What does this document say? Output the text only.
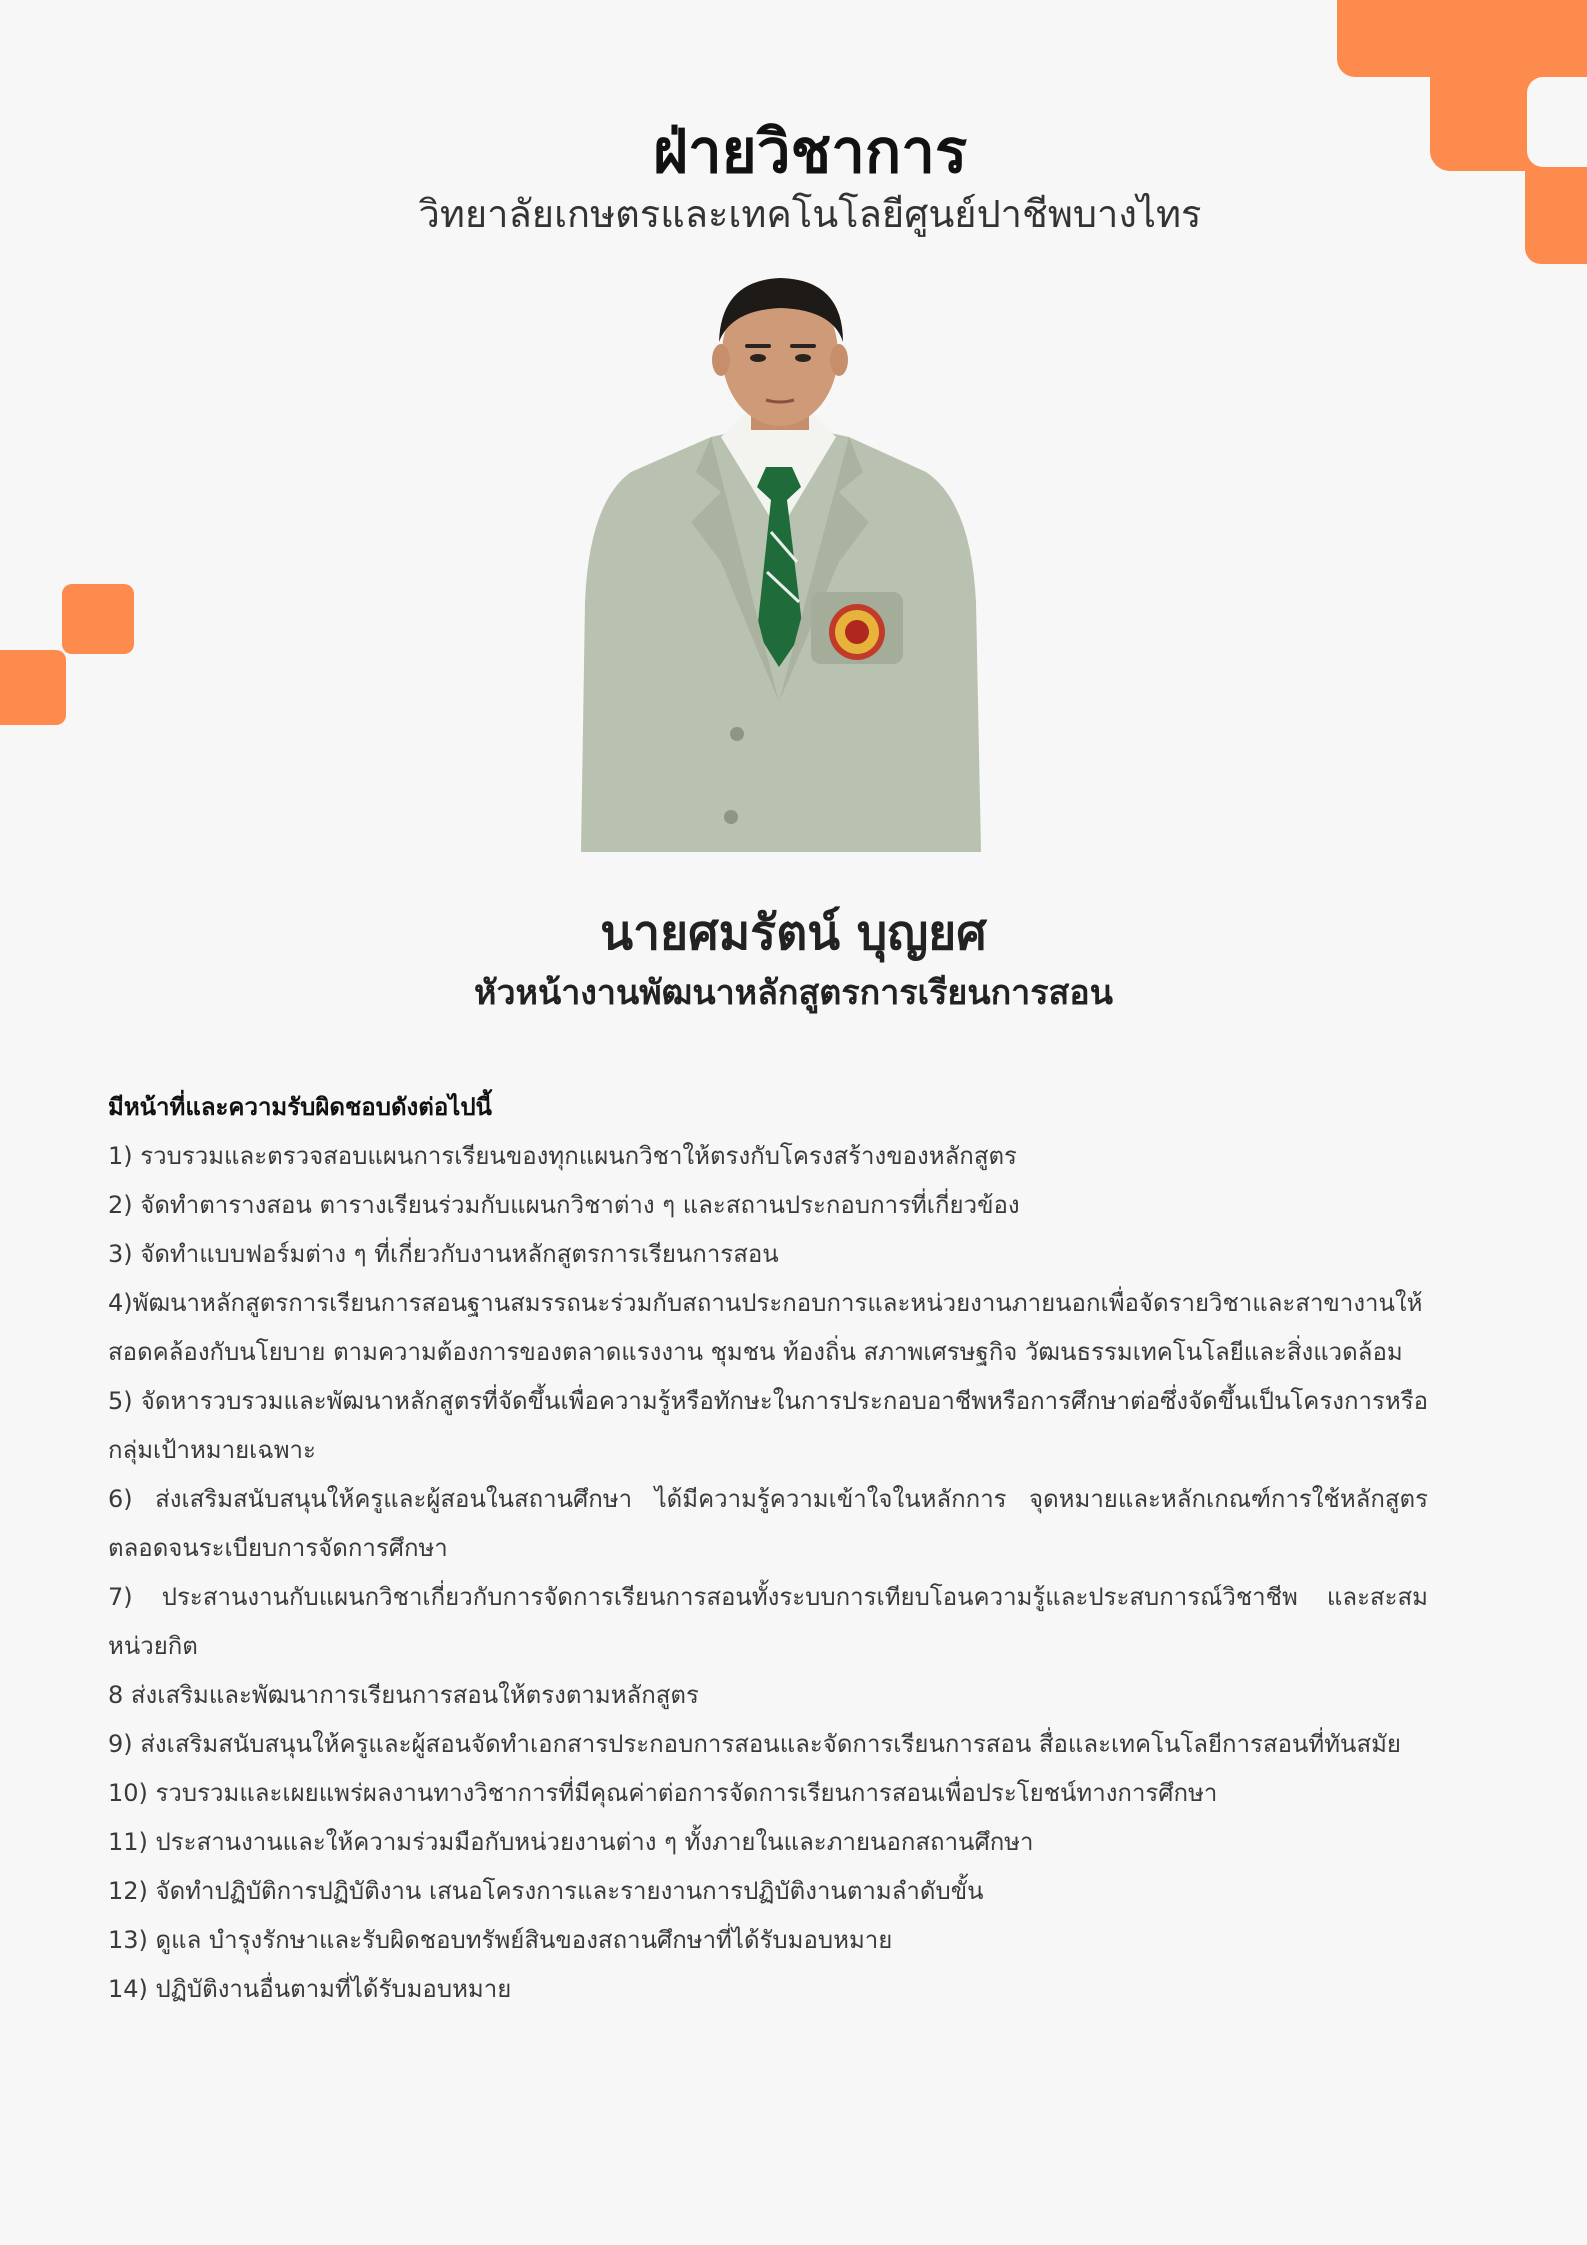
ฝ่ายวิชาการ
วิทยาลัยเกษตรและเทคโนโลยีศูนย์ปาชีพบางไทร
นายศมรัตน์ บุญยศ
หัวหน้างานพัฒนาหลักสูตรการเรียนการสอน
มีหน้าที่และความรับผิดชอบดังต่อไปนี้
1) รวบรวมและตรวจสอบแผนการเรียนของทุกแผนกวิชาให้ตรงกับโครงสร้างของหลักสูตร
2) จัดทำตารางสอน ตารางเรียนร่วมกับแผนกวิชาต่าง ๆ และสถานประกอบการที่เกี่ยวข้อง
3) จัดทำแบบฟอร์มต่าง ๆ ที่เกี่ยวกับงานหลักสูตรการเรียนการสอน
4)พัฒนาหลักสูตรการเรียนการสอนฐานสมรรถนะร่วมกับสถานประกอบการและหน่วยงานภายนอกเพื่อจัดรายวิชาและสาขางานให้สอดคล้องกับนโยบาย ตามความต้องการของตลาดแรงงาน ชุมชน ท้องถิ่น สภาพเศรษฐกิจ วัฒนธรรมเทคโนโลยีและสิ่งแวดล้อม
5) จัดหารวบรวมและพัฒนาหลักสูตรที่จัดขึ้นเพื่อความรู้หรือทักษะในการประกอบอาชีพหรือการศึกษาต่อซึ่งจัดขึ้นเป็นโครงการหรือกลุ่มเป้าหมายเฉพาะ
6) ส่งเสริมสนับสนุนให้ครูและผู้สอนในสถานศึกษา ได้มีความรู้ความเข้าใจในหลักการ จุดหมายและหลักเกณฑ์การใช้หลักสูตรตลอดจนระเบียบการจัดการศึกษา
7) ประสานงานกับแผนกวิชาเกี่ยวกับการจัดการเรียนการสอนทั้งระบบการเทียบโอนความรู้และประสบการณ์วิชาชีพ และสะสมหน่วยกิต
8 ส่งเสริมและพัฒนาการเรียนการสอนให้ตรงตามหลักสูตร
9) ส่งเสริมสนับสนุนให้ครูและผู้สอนจัดทำเอกสารประกอบการสอนและจัดการเรียนการสอน สื่อและเทคโนโลยีการสอนที่ทันสมัย
10) รวบรวมและเผยแพร่ผลงานทางวิชาการที่มีคุณค่าต่อการจัดการเรียนการสอนเพื่อประโยชน์ทางการศึกษา
11) ประสานงานและให้ความร่วมมือกับหน่วยงานต่าง ๆ ทั้งภายในและภายนอกสถานศึกษา
12) จัดทำปฏิบัติการปฏิบัติงาน เสนอโครงการและรายงานการปฏิบัติงานตามลำดับขั้น
13) ดูแล บำรุงรักษาและรับผิดชอบทรัพย์สินของสถานศึกษาที่ได้รับมอบหมาย
14) ปฏิบัติงานอื่นตามที่ได้รับมอบหมาย
